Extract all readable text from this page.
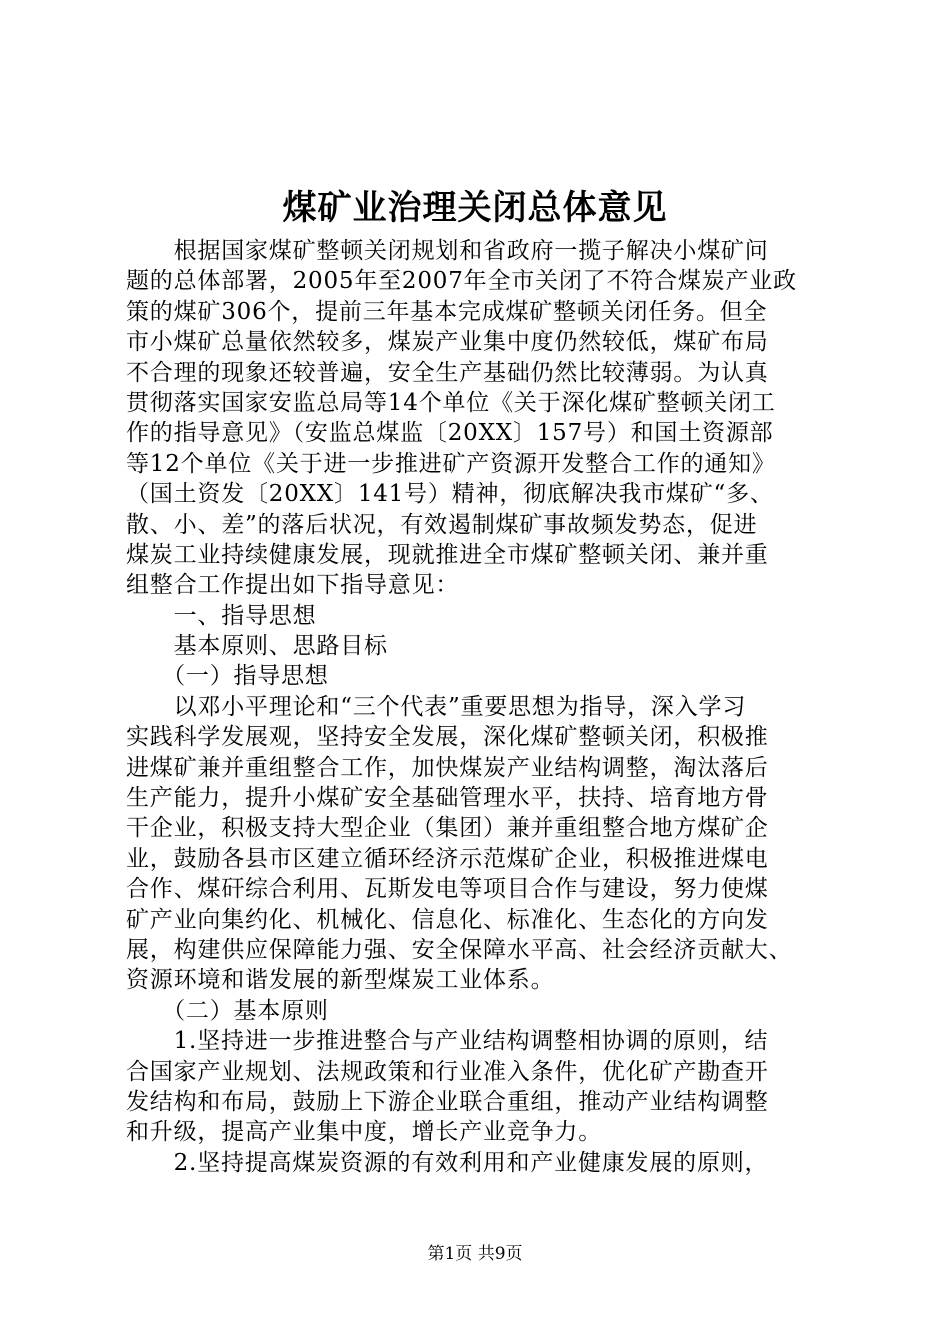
煤矿业治理关闭总体意见
　　根据国家煤矿整顿关闭规划和省政府一揽子解决小煤矿问
题的总体部署，2005年至2007年全市关闭了不符合煤炭产业政
策的煤矿306个，提前三年基本完成煤矿整顿关闭任务。但全
市小煤矿总量依然较多，煤炭产业集中度仍然较低，煤矿布局
不合理的现象还较普遍，安全生产基础仍然比较薄弱。为认真
贯彻落实国家安监总局等14个单位《关于深化煤矿整顿关闭工
作的指导意见》（安监总煤监〔20XX〕157号）和国土资源部
等12个单位《关于进一步推进矿产资源开发整合工作的通知》
（国土资发〔20XX〕141号）精神，彻底解决我市煤矿“多、
散、小、差”的落后状况，有效遏制煤矿事故频发势态，促进
煤炭工业持续健康发展，现就推进全市煤矿整顿关闭、兼并重
组整合工作提出如下指导意见：
　　一、指导思想
　　基本原则、思路目标
　　（一）指导思想
　　以邓小平理论和“三个代表”重要思想为指导，深入学习
实践科学发展观，坚持安全发展，深化煤矿整顿关闭，积极推
进煤矿兼并重组整合工作，加快煤炭产业结构调整，淘汰落后
生产能力，提升小煤矿安全基础管理水平，扶持、培育地方骨
干企业，积极支持大型企业（集团）兼并重组整合地方煤矿企
业，鼓励各县市区建立循环经济示范煤矿企业，积极推进煤电
合作、煤矸综合利用、瓦斯发电等项目合作与建设，努力使煤
矿产业向集约化、机械化、信息化、标准化、生态化的方向发
展，构建供应保障能力强、安全保障水平高、社会经济贡献大、
资源环境和谐发展的新型煤炭工业体系。
　　（二）基本原则
　　1.坚持进一步推进整合与产业结构调整相协调的原则，结
合国家产业规划、法规政策和行业准入条件，优化矿产勘查开
发结构和布局，鼓励上下游企业联合重组，推动产业结构调整
和升级，提高产业集中度，增长产业竞争力。
　　2.坚持提高煤炭资源的有效利用和产业健康发展的原则，
第1页 共9页
